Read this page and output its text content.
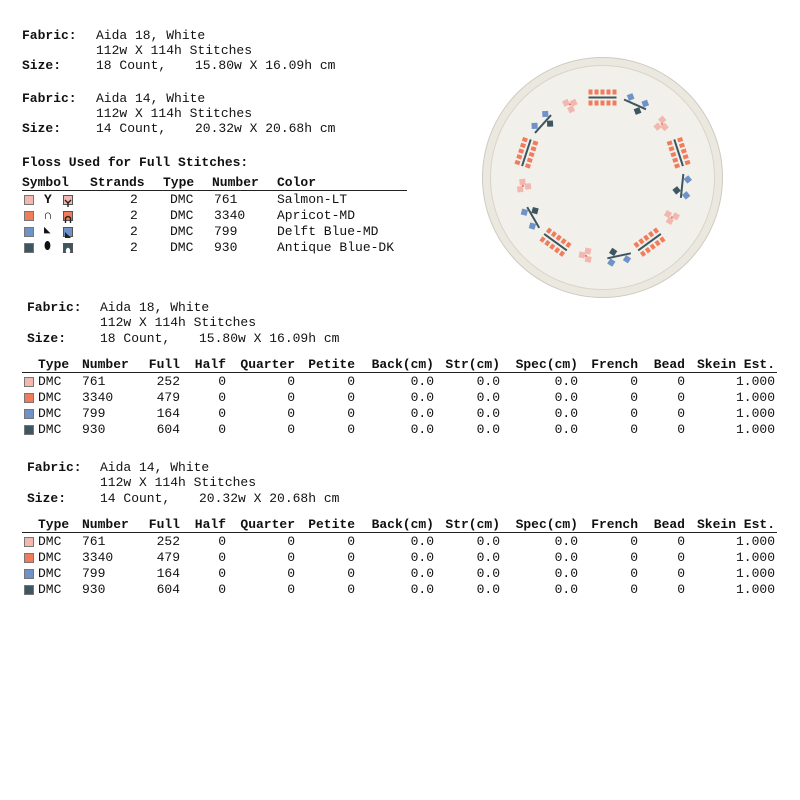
Fabric: Aida 18, White
112w X 114h Stitches
Size:	18 Count, 15.80w X 16.09h cm
Fabric: Aida 14, White
112w X 114h Stitches
Size:	14 Count, 20.32w X 20.68h cm
Floss Used for Full Stitches:
Symbol Strands Type Number Color
Y	2 DMC 761	Salmon-LT
∩	2 DMC 3340 Apricot-MD
◣	2 DMC 799	Delft Blue-MD
⬮	2 DMC 930	Antique Blue-DK
Fabric: Aida 18, White
112w X 114h Stitches
Size:	18 Count, 15.80w X 16.09h cm
Type Number	Full	Half	Quarter	Petite	Back(cm) Str(cm)	Spec(cm)	French	Bead Skein Est.
DMC	761	252	0	0	0	0.0	0.0	0.0	0	0	1.000
DMC	3340	479	0	0	0	0.0	0.0	0.0	0	0	1.000
DMC	799	164	0	0	0	0.0	0.0	0.0	0	0	1.000
DMC	930	604	0	0	0	0.0	0.0	0.0	0	0	1.000
Fabric: Aida 14, White
112w X 114h Stitches
Size:	14 Count, 20.32w X 20.68h cm
Type Number	Full	Half	Quarter	Petite	Back(cm) Str(cm)	Spec(cm)	French	Bead Skein Est.
DMC	761	252	0	0	0	0.0	0.0	0.0	0	0	1.000
DMC	3340	479	0	0	0	0.0	0.0	0.0	0	0	1.000
DMC	799	164	0	0	0	0.0	0.0	0.0	0	0	1.000
DMC	930	604	0	0	0	0.0	0.0	0.0	0	0	1.000
